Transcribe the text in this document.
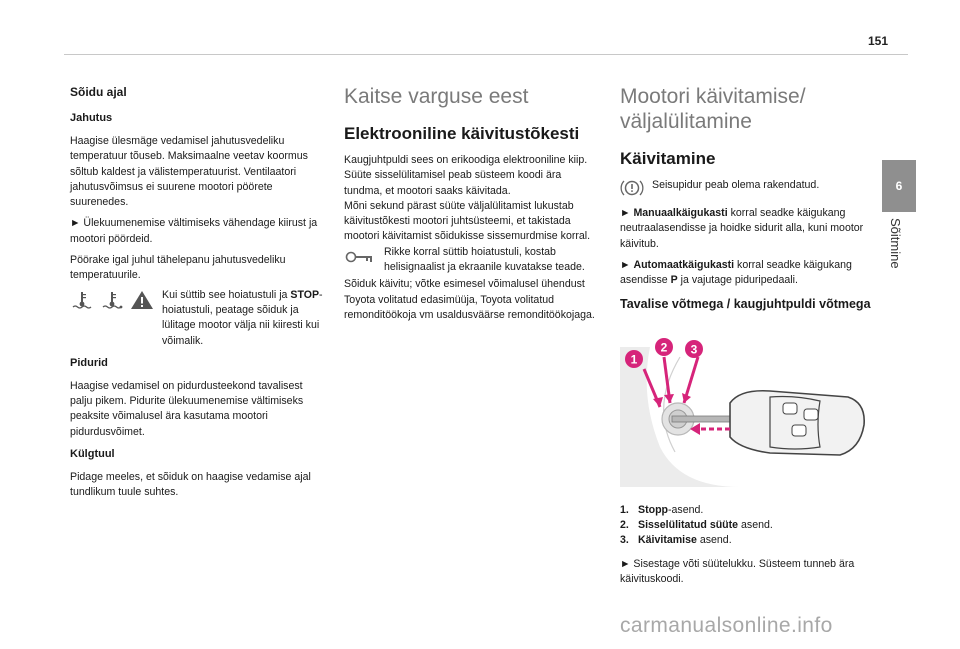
151
6
Sõitmine
Sõidu ajal
Jahutus

Haagise ülesmäge vedamisel jahutusvedeliku temperatuur tõuseb. Maksimaalne veetav koormus sõltub kaldest ja välistemperatuurist. Ventilaatori jahutusvõimsus ei suurene mootori pöörete suurenedes.

► Ülekuumenemise vältimiseks vähendage kiirust ja mootori pöördeid.

Pöörake igal juhul tähelepanu jahutusvedeliku temperatuurile.

Kui süttib see hoiatustuli ja STOP-hoiatustuli, peatage sõiduk ja lülitage mootor välja nii kiiresti kui võimalik.
Pidurid

Haagise vedamisel on pidurdusteekond tavalisest palju pikem. Pidurite ülekuumenemise vältimiseks peaksite võimalusel ära kasutama mootori pidurdusvõimet.

Külgtuul

Pidage meeles, et sõiduk on haagise vedamise ajal tundlikum tuule suhtes.

Kaitse varguse eest
Elektrooniline käivitustõkesti

Kaugjuhtpuldi sees on erikoodiga elektrooniline kiip. Süüte sisselülitamisel peab süsteem koodi ära tundma, et mootori saaks käivitada.

Mõni sekund pärast süüte väljalülitamist lukustab käivitustõkesti mootori juhtsüsteemi, et takistada mootori käivitamist sõidukisse sissemurdmise korral.

Rikke korral süttib hoiatustuli, kostab helisignaalist ja ekraanile kuvatakse teade.

Sõiduk käivitu; võtke esimesel võimalusel ühendust Toyota volitatud edasimüüja, Toyota volitatud remonditöökoja vm usaldusväärse remonditöökojaga.

Mootori käivitamise/ väljalülitamine
Käivitamine
Seisupidur peab olema rakendatud.

► Manuaalkäigukasti korral seadke käigukang neutraalasendisse ja hoidke sidurit alla, kuni mootor käivitub.

► Automaatkäigukasti korral seadke käigukang asendisse P ja vajutage piduripedaali.

Tavalise võtmega / kaugjuhtpuldi võtmega
1
2 3
1. Stopp-asend.
2. Sisselülitatud süüte asend.
3. Käivitamise asend.

► Sisestage võti süütelukku. Süsteem tunneb ära käivituskoodi.

carmanualsonline.info
